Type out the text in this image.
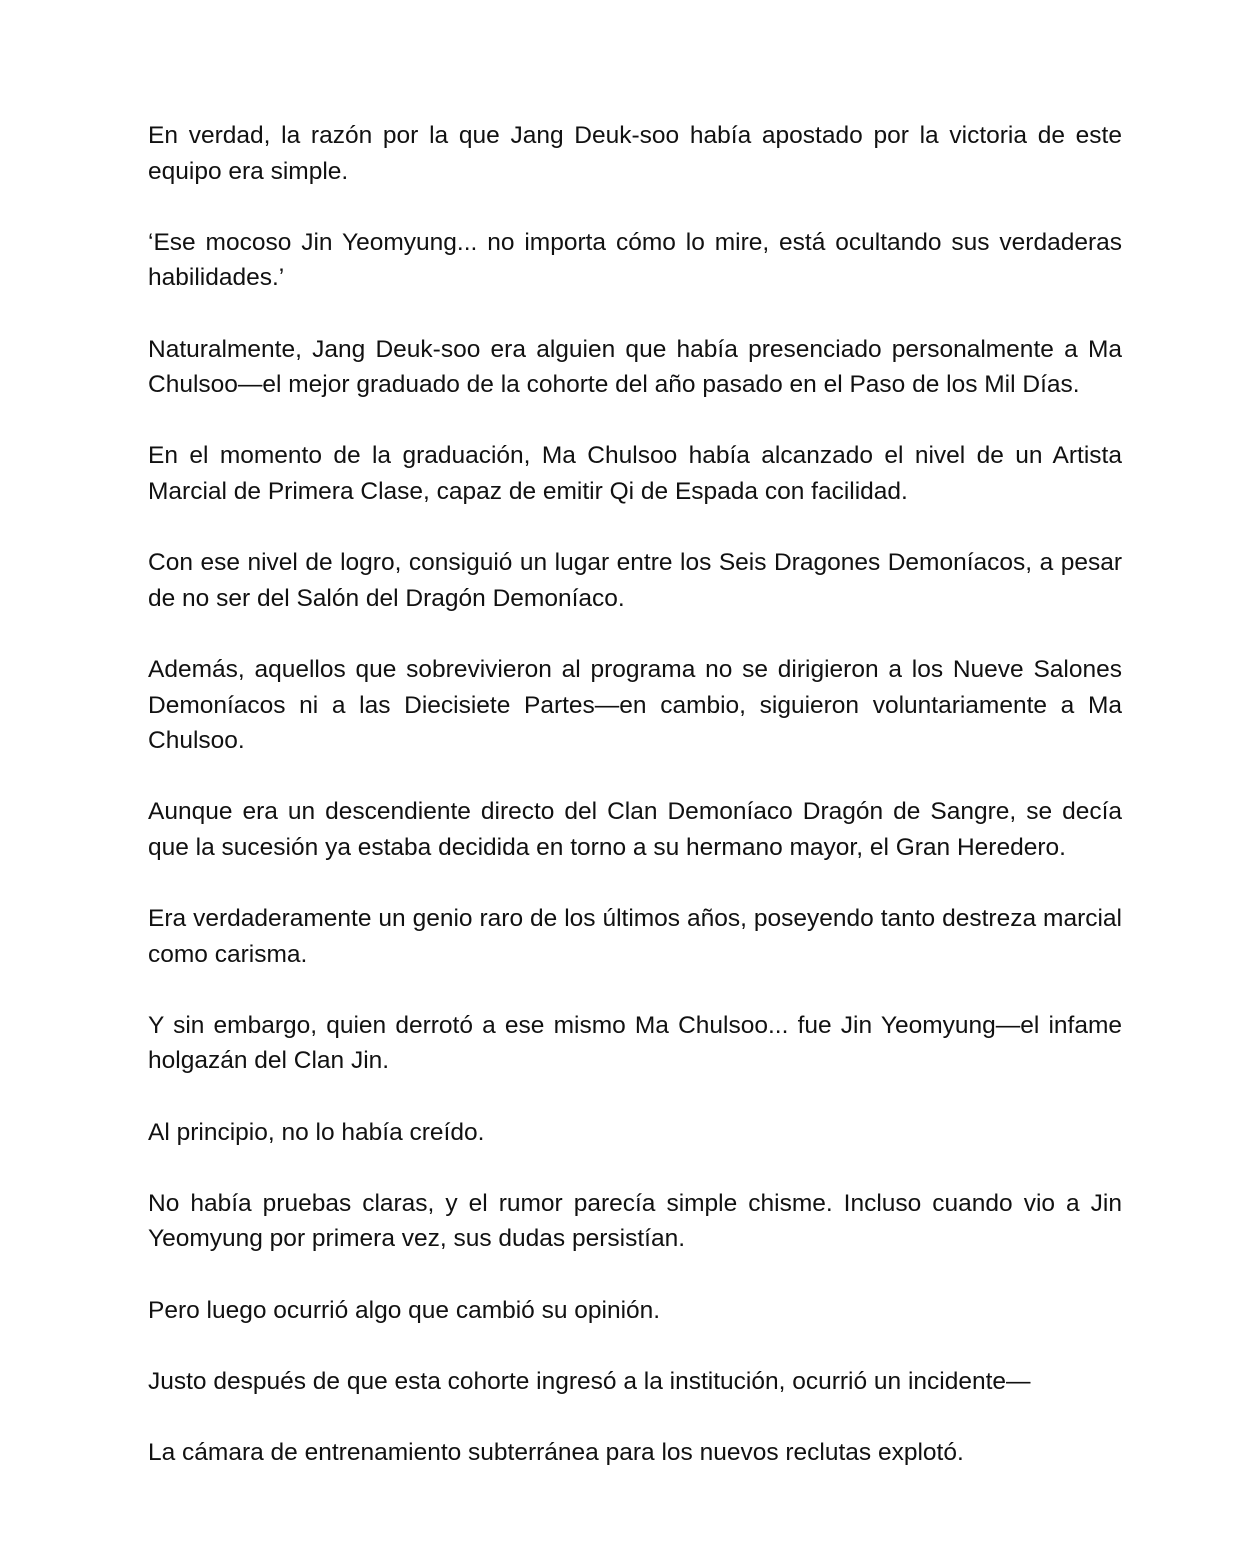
En verdad, la razón por la que Jang Deuk-soo había apostado por la victoria de este equipo era simple.

‘Ese mocoso Jin Yeomyung... no importa cómo lo mire, está ocultando sus verdaderas habilidades.’

Naturalmente, Jang Deuk-soo era alguien que había presenciado personalmente a Ma Chulsoo—el mejor graduado de la cohorte del año pasado en el Paso de los Mil Días.

En el momento de la graduación, Ma Chulsoo había alcanzado el nivel de un Artista Marcial de Primera Clase, capaz de emitir Qi de Espada con facilidad.

Con ese nivel de logro, consiguió un lugar entre los Seis Dragones Demoníacos, a pesar de no ser del Salón del Dragón Demoníaco.

Además, aquellos que sobrevivieron al programa no se dirigieron a los Nueve Salones Demoníacos ni a las Diecisiete Partes—en cambio, siguieron voluntariamente a Ma Chulsoo.

Aunque era un descendiente directo del Clan Demoníaco Dragón de Sangre, se decía que la sucesión ya estaba decidida en torno a su hermano mayor, el Gran Heredero.

Era verdaderamente un genio raro de los últimos años, poseyendo tanto destreza marcial como carisma.

Y sin embargo, quien derrotó a ese mismo Ma Chulsoo... fue Jin Yeomyung—el infame holgazán del Clan Jin.

Al principio, no lo había creído.

No había pruebas claras, y el rumor parecía simple chisme. Incluso cuando vio a Jin Yeomyung por primera vez, sus dudas persistían.

Pero luego ocurrió algo que cambió su opinión.

Justo después de que esta cohorte ingresó a la institución, ocurrió un incidente—

La cámara de entrenamiento subterránea para los nuevos reclutas explotó.
